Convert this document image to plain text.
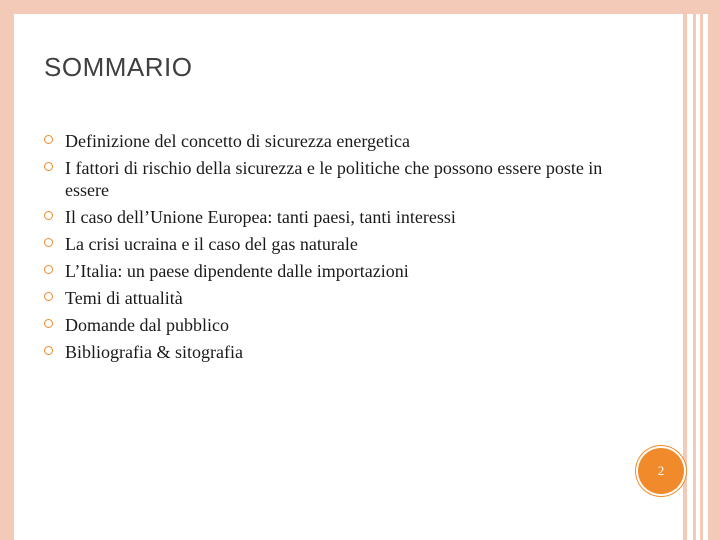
SOMMARIO
Definizione del concetto di sicurezza energetica
I fattori di rischio della sicurezza e le politiche che possono essere poste in essere
Il caso dell’Unione Europea: tanti paesi, tanti interessi
La crisi ucraina e il caso del gas naturale
L’Italia: un paese dipendente dalle importazioni
Temi di attualità
Domande dal pubblico
Bibliografia & sitografia
2
